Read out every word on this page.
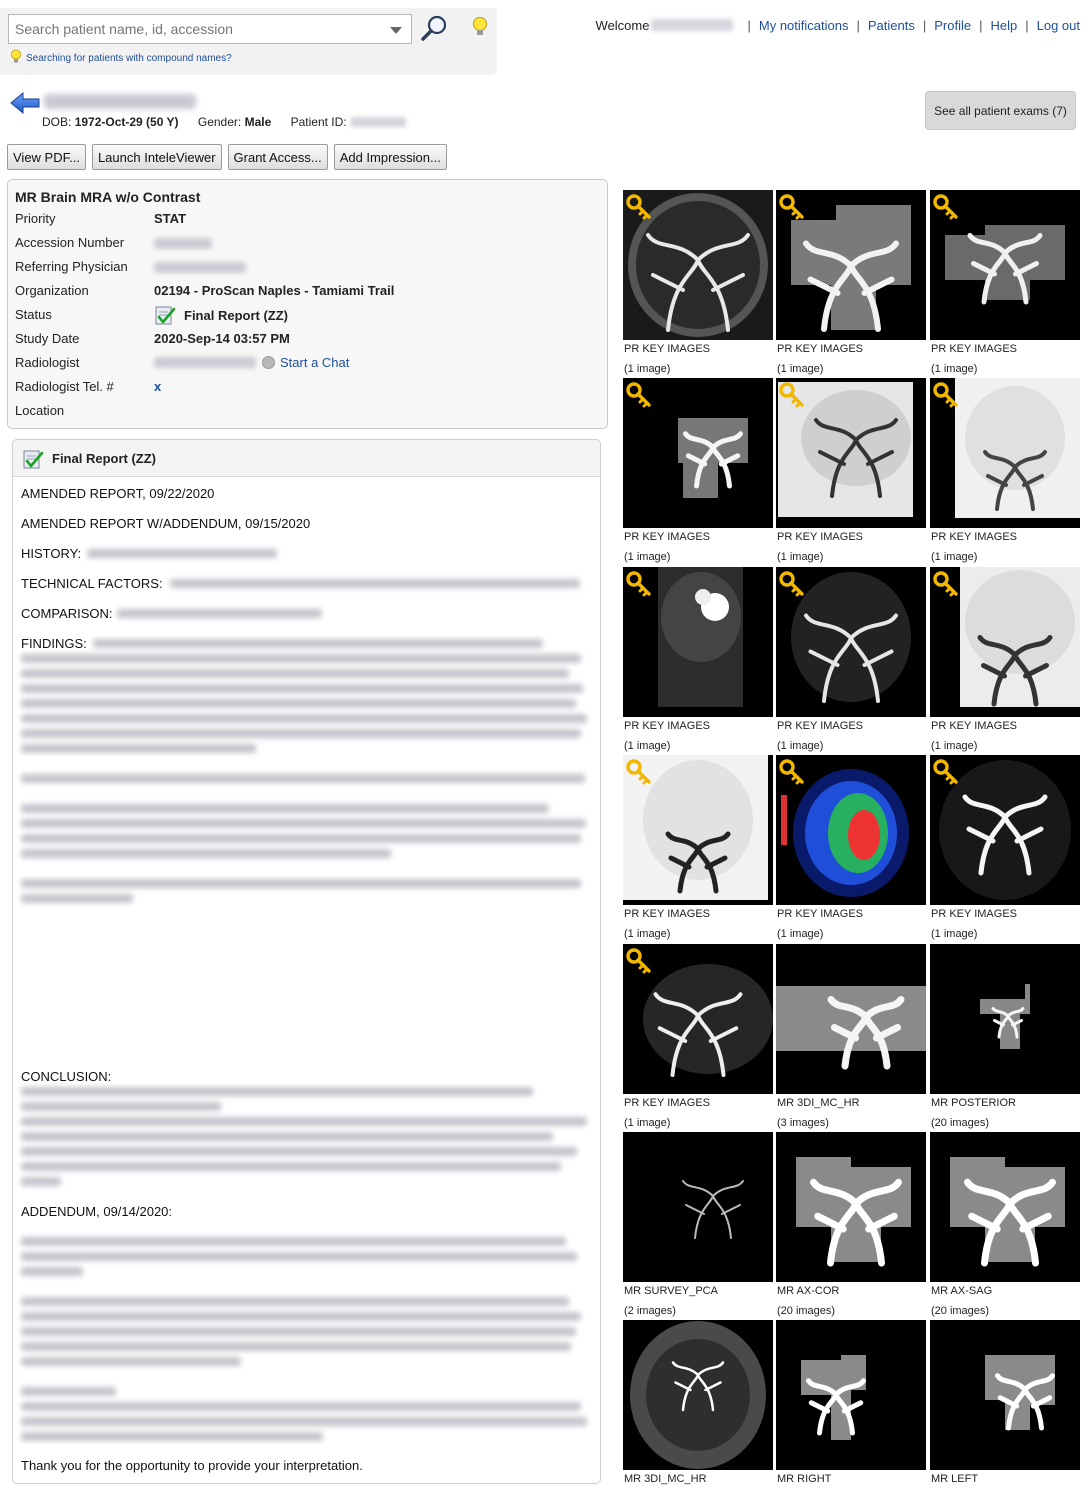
Search patient name, id, accession
Searching for patients with compound names?
Welcome	| My notifications | Patients | Profile | Help | Log out
DOB: 1972-Oct-29 (50 Y) Gender: Male Patient ID:
See all patient exams (7)
View PDF...	Launch InteleViewer	Grant Access...	Add Impression...
MR Brain MRA w/o Contrast
Priority	STAT
Accession Number
Referring Physician
Organization	02194 - ProScan Naples - Tamiami Trail
Status	Final Report (ZZ)
Study Date	2020-Sep-14 03:57 PM
Radiologist	Start a Chat
Radiologist Tel. #	x
Location
Final Report (ZZ)
AMENDED REPORT, 09/22/2020
AMENDED REPORT W/ADDENDUM, 09/15/2020
HISTORY:
TECHNICAL FACTORS:
COMPARISON:
FINDINGS:
CONCLUSION:
ADDENDUM, 09/14/2020:
Thank you for the opportunity to provide your interpretation.
PR KEY IMAGES
(1 image)
PR KEY IMAGES
(1 image)
PR KEY IMAGES
(1 image)
PR KEY IMAGES
(1 image)
PR KEY IMAGES
(1 image)
PR KEY IMAGES
(1 image)
PR KEY IMAGES
(1 image)
PR KEY IMAGES
(1 image)
PR KEY IMAGES
(1 image)
PR KEY IMAGES
(1 image)
PR KEY IMAGES
(1 image)
PR KEY IMAGES
(1 image)
PR KEY IMAGES
(1 image)
MR 3DI_MC_HR
(3 images)
MR POSTERIOR
(20 images)
MR SURVEY_PCA
(2 images)
MR AX-COR
(20 images)
MR AX-SAG
(20 images)
MR 3DI_MC_HR	MR RIGHT	MR LEFT
